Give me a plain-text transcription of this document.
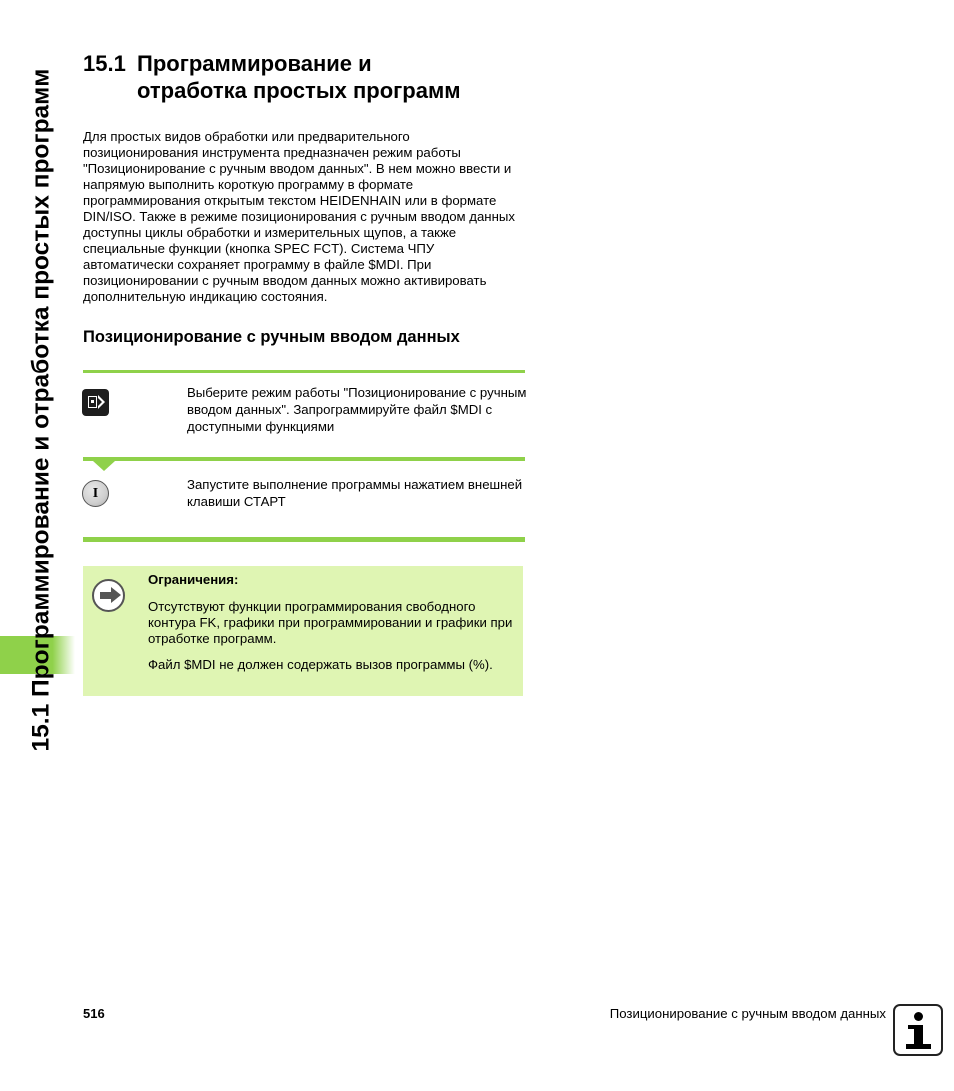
15.1 Программирование и отработка простых программ
15.1 Программирование и
отработка простых программ

Для простых видов обработки или предварительного позиционирования инструмента предназначен режим работы "Позиционирование с ручным вводом данных". В нем можно ввести и напрямую выполнить короткую программу в формате программирования открытым текстом HEIDENHAIN или в формате DIN/ISO. Также в режиме позиционирования с ручным вводом данных доступны циклы обработки и измерительных щупов, а также специальные функции (кнопка SPEC FCT). Система ЧПУ автоматически сохраняет программу в файле $MDI. При позиционировании с ручным вводом данных можно активировать дополнительную индикацию состояния.

Позиционирование с ручным вводом данных

Выберите режим работы "Позиционирование с ручным вводом данных". Запрограммируйте файл $MDI с доступными функциями

I

Запустите выполнение программы нажатием внешней клавиши СТАРТ

Ограничения:

Отсутствуют функции программирования свободного контура FK, графики при программировании и графики при отработке программ.

Файл $MDI не должен содержать вызов программы (%).

516	Позиционирование с ручным вводом данных
